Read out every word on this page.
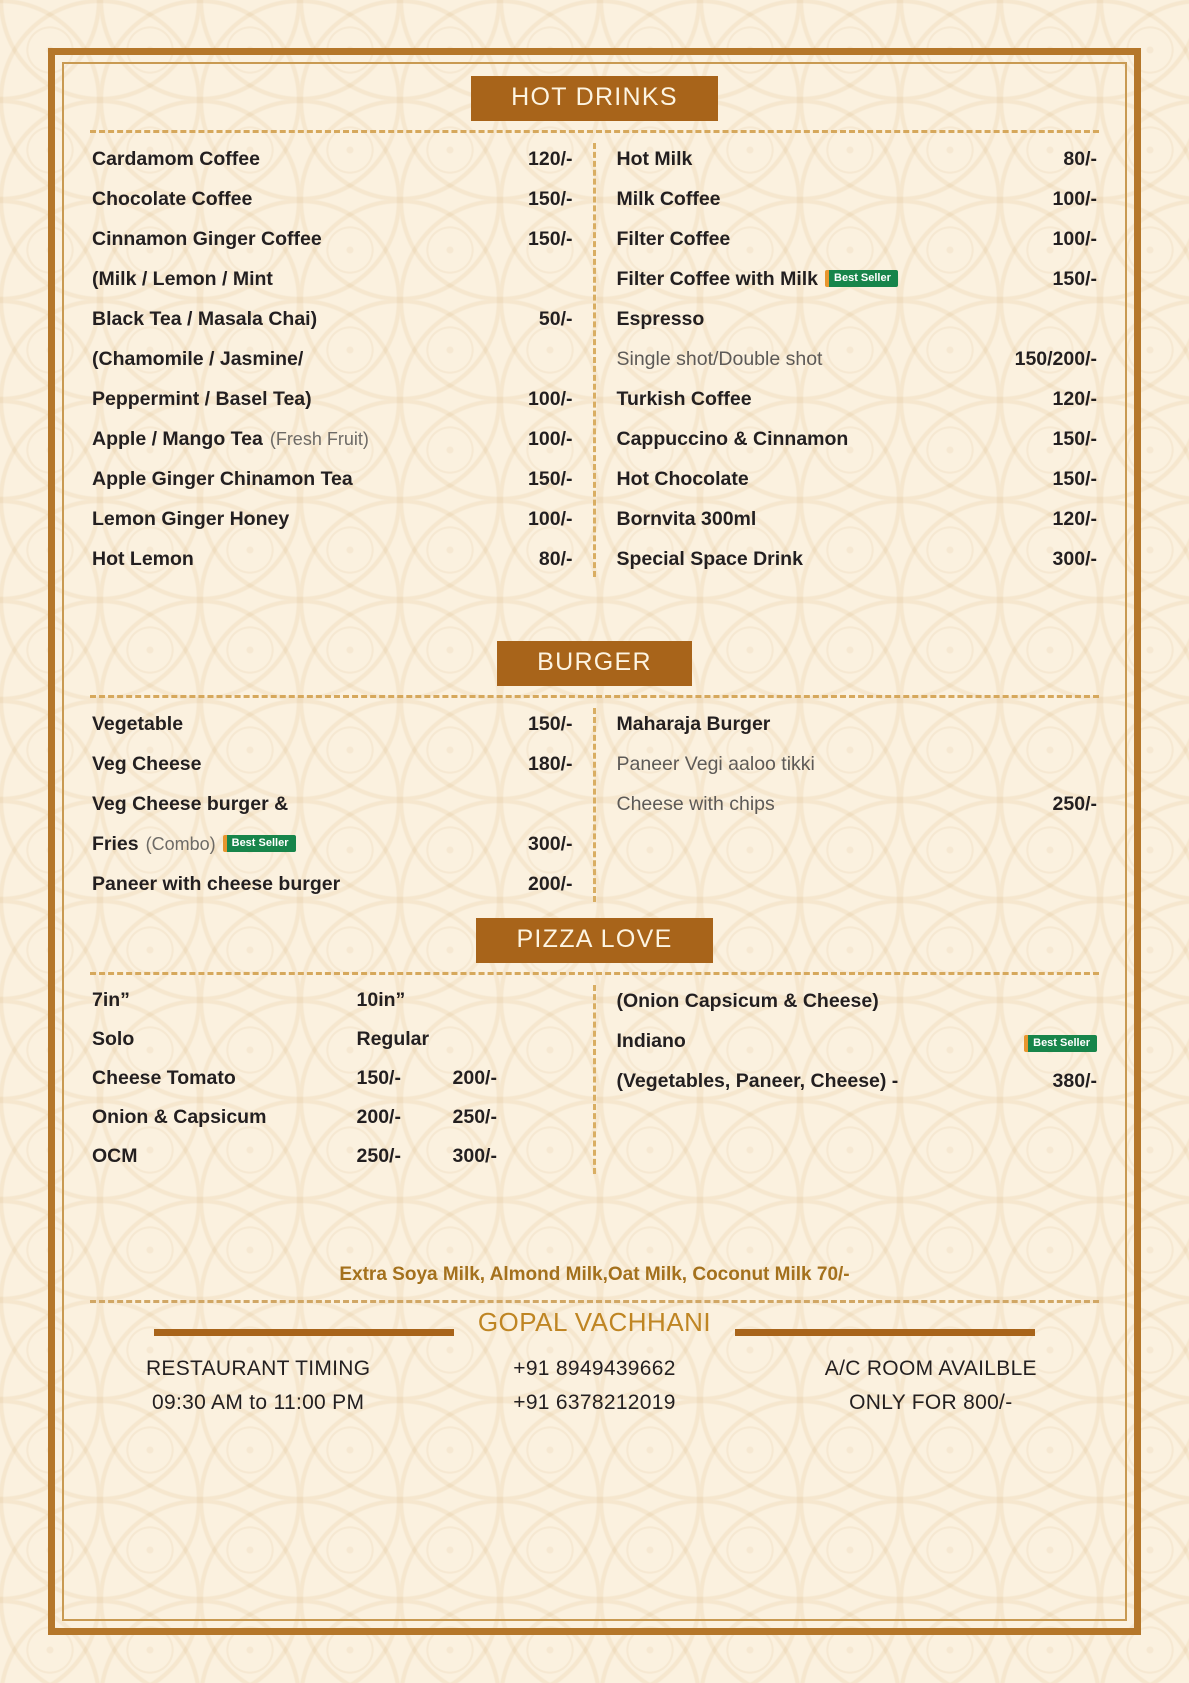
HOT DRINKS
Cardamom Coffee	120/-
Chocolate Coffee	150/-
Cinnamon Ginger Coffee	150/-
(Milk / Lemon / Mint
Black Tea / Masala Chai)	50/-
(Chamomile / Jasmine/
Peppermint / Basel Tea)	100/-
Apple / Mango Tea (Fresh Fruit)	100/-
Apple Ginger Chinamon Tea	150/-
Lemon Ginger Honey	100/-
Hot Lemon	80/-
Hot Milk	80/-
Milk Coffee	100/-
Filter Coffee	100/-
Filter Coffee with Milk	Best Seller	150/-
Espresso
Single shot/Double shot	150/200/-
Turkish Coffee	120/-
Cappuccino & Cinnamon	150/-
Hot Chocolate	150/-
Bornvita 300ml	120/-
Special Space Drink	300/-
BURGER
Vegetable	150/-
Veg Cheese	180/-
Veg Cheese burger &
Fries (Combo)	Best Seller	300/-
Paneer with cheese burger	200/-
Maharaja Burger
Paneer Vegi aaloo tikki
Cheese with chips	250/-
PIZZA LOVE
7in”	10in”
Solo	Regular
Cheese Tomato	150/-	200/-
Onion & Capsicum	200/-	250/-
OCM	250/-	300/-
(Onion Capsicum & Cheese)
Indiano	Best Seller
(Vegetables, Paneer, Cheese) -	380/-
Extra Soya Milk, Almond Milk,Oat Milk, Coconut Milk 70/-
GOPAL VACHHANI
RESTAURANT TIMING	+91 8949439662	A/C ROOM AVAILBLE
09:30 AM to 11:00 PM	+91 6378212019	ONLY FOR 800/-
